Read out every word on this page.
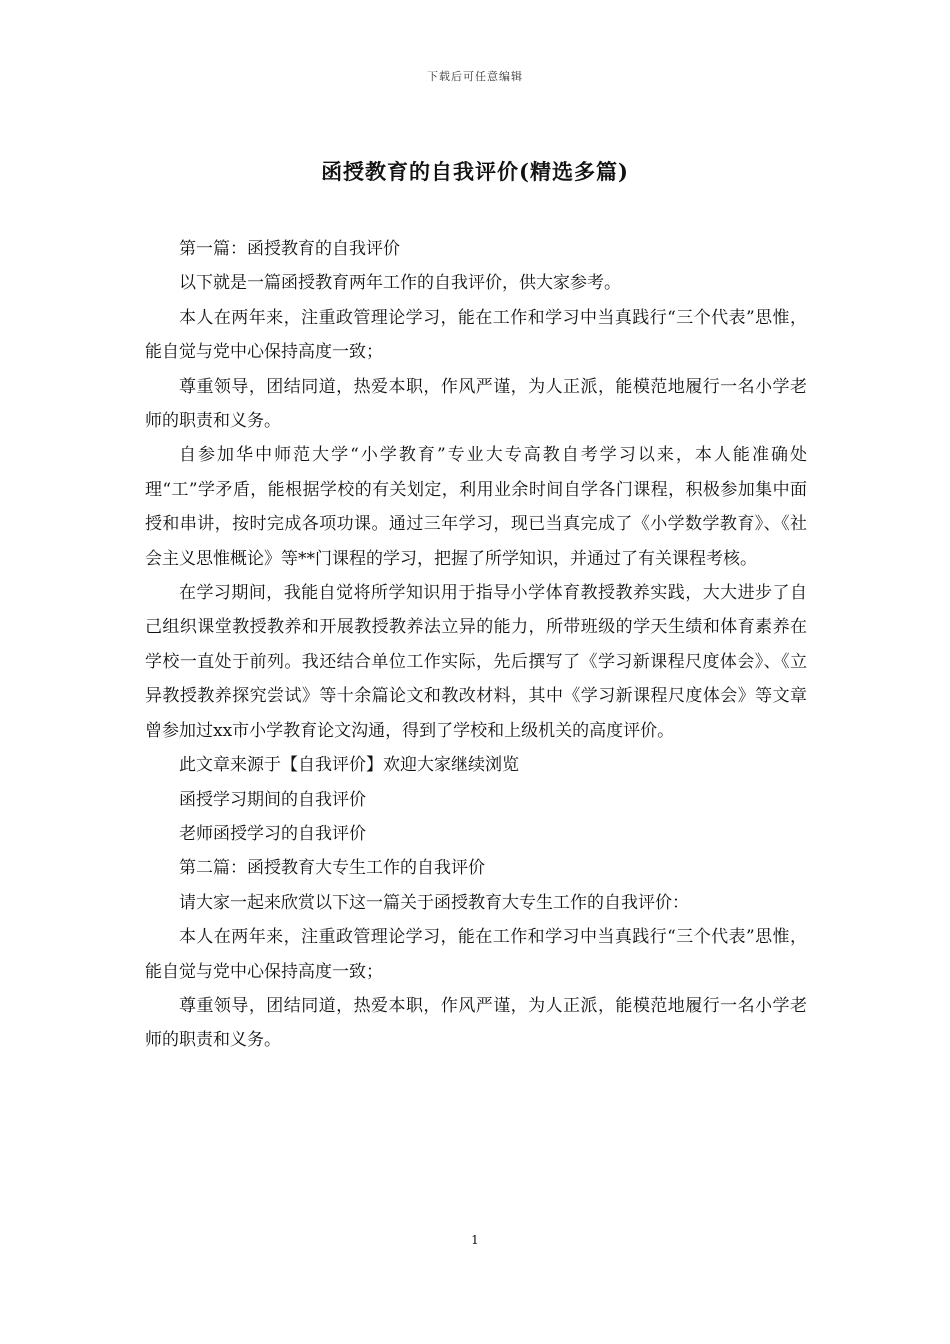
下载后可任意编辑
函授教育的自我评价(精选多篇)

第一篇：函授教育的自我评价

以下就是一篇函授教育两年工作的自我评价，供大家参考。

本人在两年来，注重政管理论学习，能在工作和学习中当真践行“三个代表”思惟，能自觉与党中心保持高度一致；

尊重领导，团结同道，热爱本职，作风严谨，为人正派，能模范地履行一名小学老师的职责和义务。

自参加华中师范大学“小学教育”专业大专高教自考学习以来，本人能准确处理“工”学矛盾，能根据学校的有关划定，利用业余时间自学各门课程，积极参加集中面授和串讲，按时完成各项功课。通过三年学习，现已当真完成了《小学数学教育》、《社会主义思惟概论》等**门课程的学习，把握了所学知识，并通过了有关课程考核。

在学习期间，我能自觉将所学知识用于指导小学体育教授教养实践，大大进步了自己组织课堂教授教养和开展教授教养法立异的能力，所带班级的学天生绩和体育素养在学校一直处于前列。我还结合单位工作实际，先后撰写了《学习新课程尺度体会》、《立异教授教养探究尝试》等十余篇论文和教改材料，其中《学习新课程尺度体会》等文章曾参加过xx市小学教育论文沟通，得到了学校和上级机关的高度评价。

此文章来源于【自我评价】欢迎大家继续浏览

函授学习期间的自我评价

老师函授学习的自我评价

第二篇：函授教育大专生工作的自我评价

请大家一起来欣赏以下这一篇关于函授教育大专生工作的自我评价：

本人在两年来，注重政管理论学习，能在工作和学习中当真践行“三个代表”思惟，能自觉与党中心保持高度一致；

尊重领导，团结同道，热爱本职，作风严谨，为人正派，能模范地履行一名小学老师的职责和义务。

1
